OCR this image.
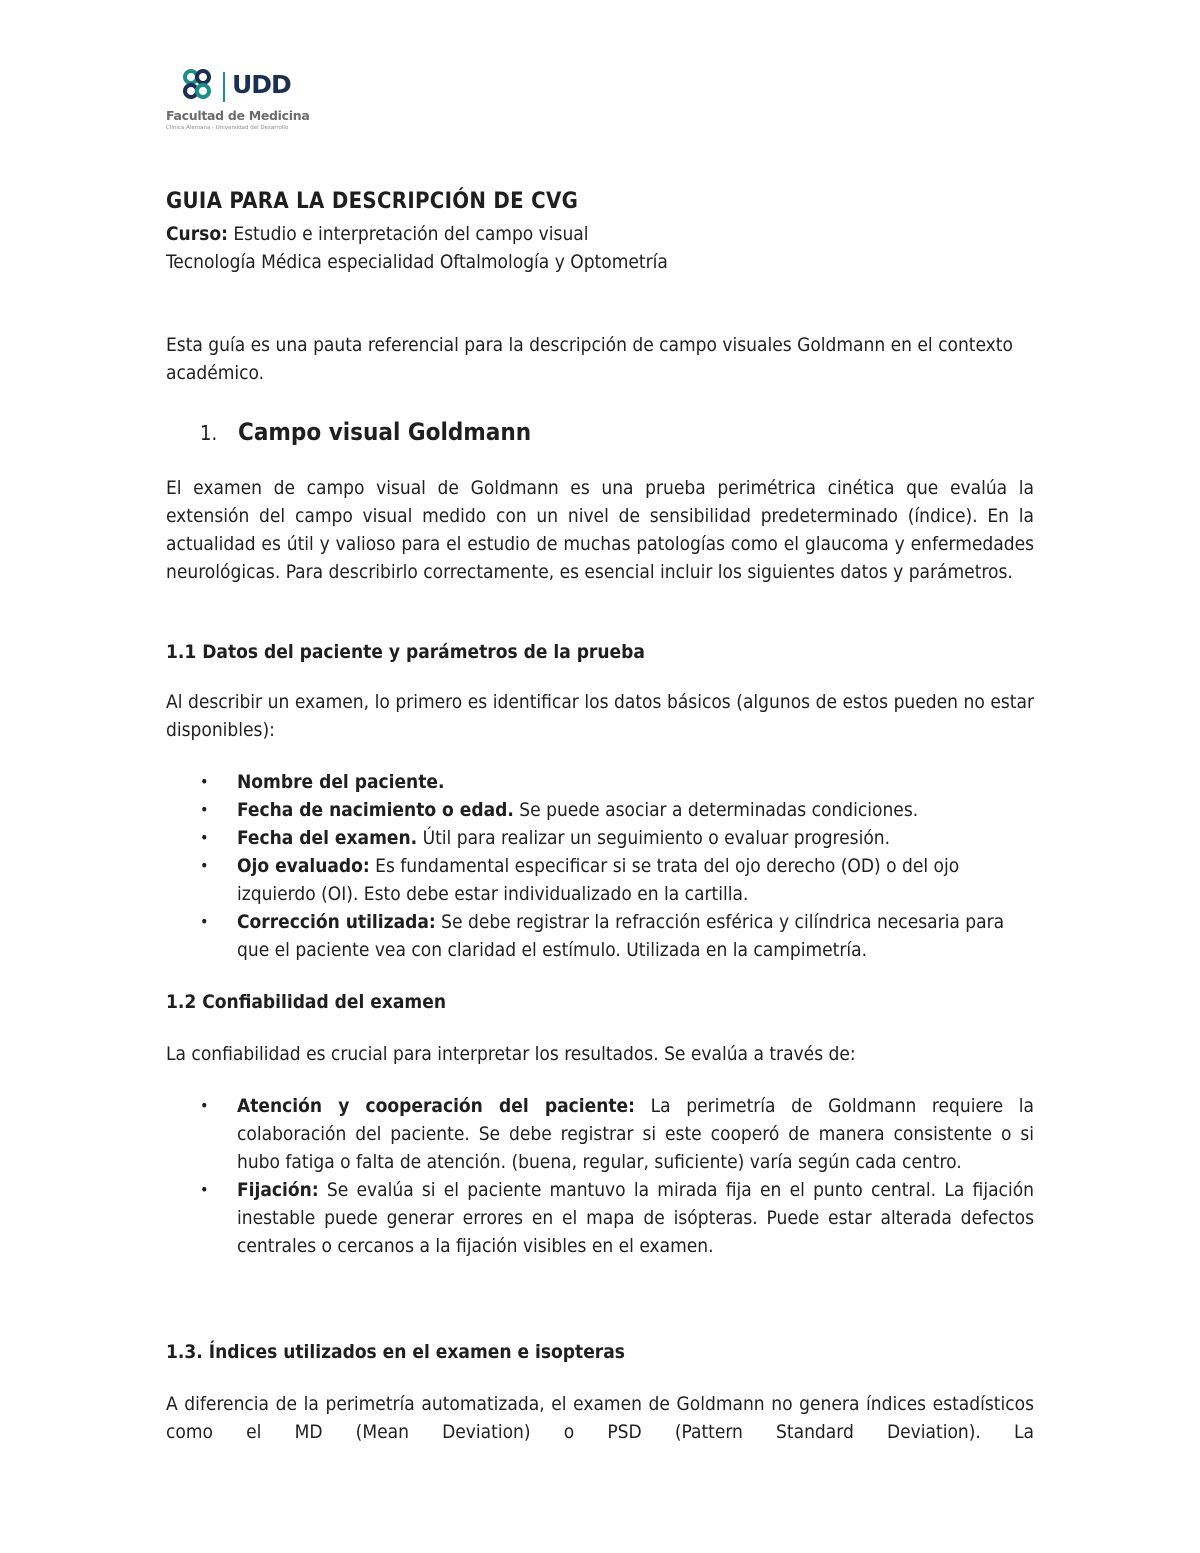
UDD
Facultad de Medicina
Clínica Alemana - Universidad del Desarrollo
GUIA PARA LA DESCRIPCIÓN DE CVG
Curso: Estudio e interpretación del campo visual
Tecnología Médica especialidad Oftalmología y Optometría

Esta guía es una pauta referencial para la descripción de campo visuales Goldmann en el contexto académico.

1. Campo visual Goldmann

El examen de campo visual de Goldmann es una prueba perimétrica cinética que evalúa la extensión del campo visual medido con un nivel de sensibilidad predeterminado (índice). En la actualidad es útil y valioso para el estudio de muchas patologías como el glaucoma y enfermedades neurológicas. Para describirlo correctamente, es esencial incluir los siguientes datos y parámetros.

1.1 Datos del paciente y parámetros de la prueba

Al describir un examen, lo primero es identificar los datos básicos (algunos de estos pueden no estar disponibles):

• Nombre del paciente.
• Fecha de nacimiento o edad. Se puede asociar a determinadas condiciones.
• Fecha del examen. Útil para realizar un seguimiento o evaluar progresión.
• Ojo evaluado: Es fundamental especificar si se trata del ojo derecho (OD) o del ojo izquierdo (OI). Esto debe estar individualizado en la cartilla.
• Corrección utilizada: Se debe registrar la refracción esférica y cilíndrica necesaria para que el paciente vea con claridad el estímulo. Utilizada en la campimetría.
1.2 Confiabilidad del examen

La confiabilidad es crucial para interpretar los resultados. Se evalúa a través de:

• Atención y cooperación del paciente: La perimetría de Goldmann requiere la colaboración del paciente. Se debe registrar si este cooperó de manera consistente o si hubo fatiga o falta de atención. (buena, regular, suficiente) varía según cada centro.
• Fijación: Se evalúa si el paciente mantuvo la mirada fija en el punto central. La fijación inestable puede generar errores en el mapa de isópteras. Puede estar alterada defectos centrales o cercanos a la fijación visibles en el examen.
1.3. Índices utilizados en el examen e isopteras

A diferencia de la perimetría automatizada, el examen de Goldmann no genera índices estadísticos como el MD (Mean Deviation) o PSD (Pattern Standard Deviation). La
